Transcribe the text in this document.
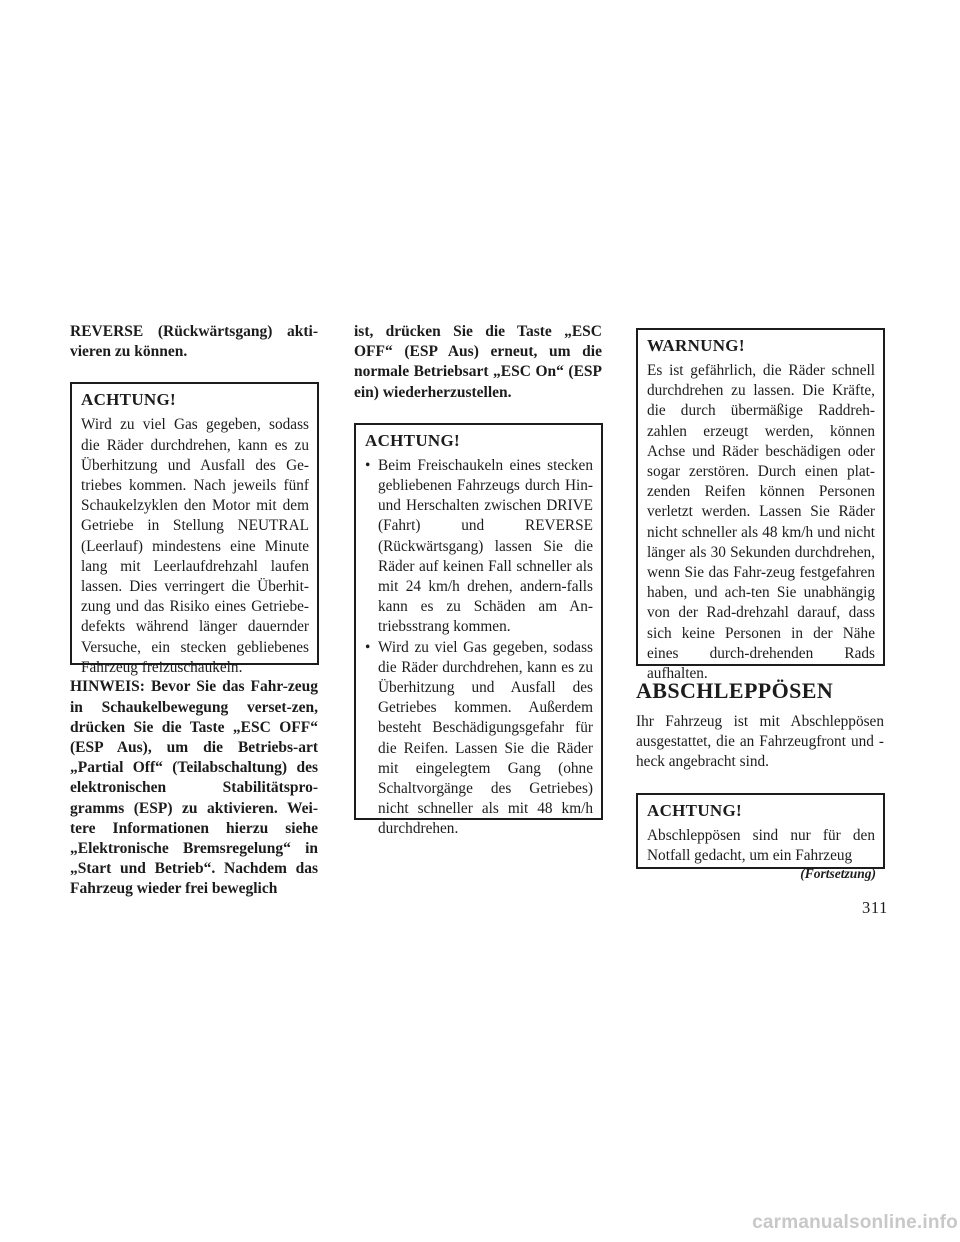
REVERSE (Rückwärtsgang) akti-vieren zu können.

ACHTUNG!

Wird zu viel Gas gegeben, sodass die Räder durchdrehen, kann es zu Überhitzung und Ausfall des Ge-triebes kommen. Nach jeweils fünf Schaukelzyklen den Motor mit dem Getriebe in Stellung NEUTRAL (Leerlauf) mindestens eine Minute lang mit Leerlaufdrehzahl laufen lassen. Dies verringert die Überhit-zung und das Risiko eines Getriebe-defekts während länger dauernder Versuche, ein stecken gebliebenes Fahrzeug freizuschaukeln.

HINWEIS: Bevor Sie das Fahr-zeug in Schaukelbewegung verset-zen, drücken Sie die Taste „ESC OFF“ (ESP Aus), um die Betriebs-art „Partial Off“ (Teilabschaltung) des elektronischen Stabilitätspro-gramms (ESP) zu aktivieren. Wei-tere Informationen hierzu siehe „Elektronische Bremsregelung“ in „Start und Betrieb“. Nachdem das Fahrzeug wieder frei beweglich

ist, drücken Sie die Taste „ESC OFF“ (ESP Aus) erneut, um die normale Betriebsart „ESC On“ (ESP ein) wiederherzustellen.

ACHTUNG!

• Beim Freischaukeln eines stecken gebliebenen Fahrzeugs durch Hin- und Herschalten zwischen DRIVE (Fahrt) und REVERSE (Rückwärtsgang) lassen Sie die Räder auf keinen Fall schneller als mit 24 km/h drehen, andern-falls kann es zu Schäden am An-triebsstrang kommen.
• Wird zu viel Gas gegeben, sodass die Räder durchdrehen, kann es zu Überhitzung und Ausfall des Getriebes kommen. Außerdem besteht Beschädigungsgefahr für die Reifen. Lassen Sie die Räder mit eingelegtem Gang (ohne Schaltvorgänge des Getriebes) nicht schneller als mit 48 km/h durchdrehen.

WARNUNG!

Es ist gefährlich, die Räder schnell durchdrehen zu lassen. Die Kräfte, die durch übermäßige Raddreh-zahlen erzeugt werden, können Achse und Räder beschädigen oder sogar zerstören. Durch einen plat-zenden Reifen können Personen verletzt werden. Lassen Sie Räder nicht schneller als 48 km/h und nicht länger als 30 Sekunden durchdrehen, wenn Sie das Fahr-zeug festgefahren haben, und ach-ten Sie unabhängig von der Rad-drehzahl darauf, dass sich keine Personen in der Nähe eines durch-drehenden Rads aufhalten.

ABSCHLEPPÖSEN

Ihr Fahrzeug ist mit Abschleppösen ausgestattet, die an Fahrzeugfront und -heck angebracht sind.

ACHTUNG!

Abschleppösen sind nur für den Notfall gedacht, um ein Fahrzeug

(Fortsetzung)
311
carmanualsonline.info
